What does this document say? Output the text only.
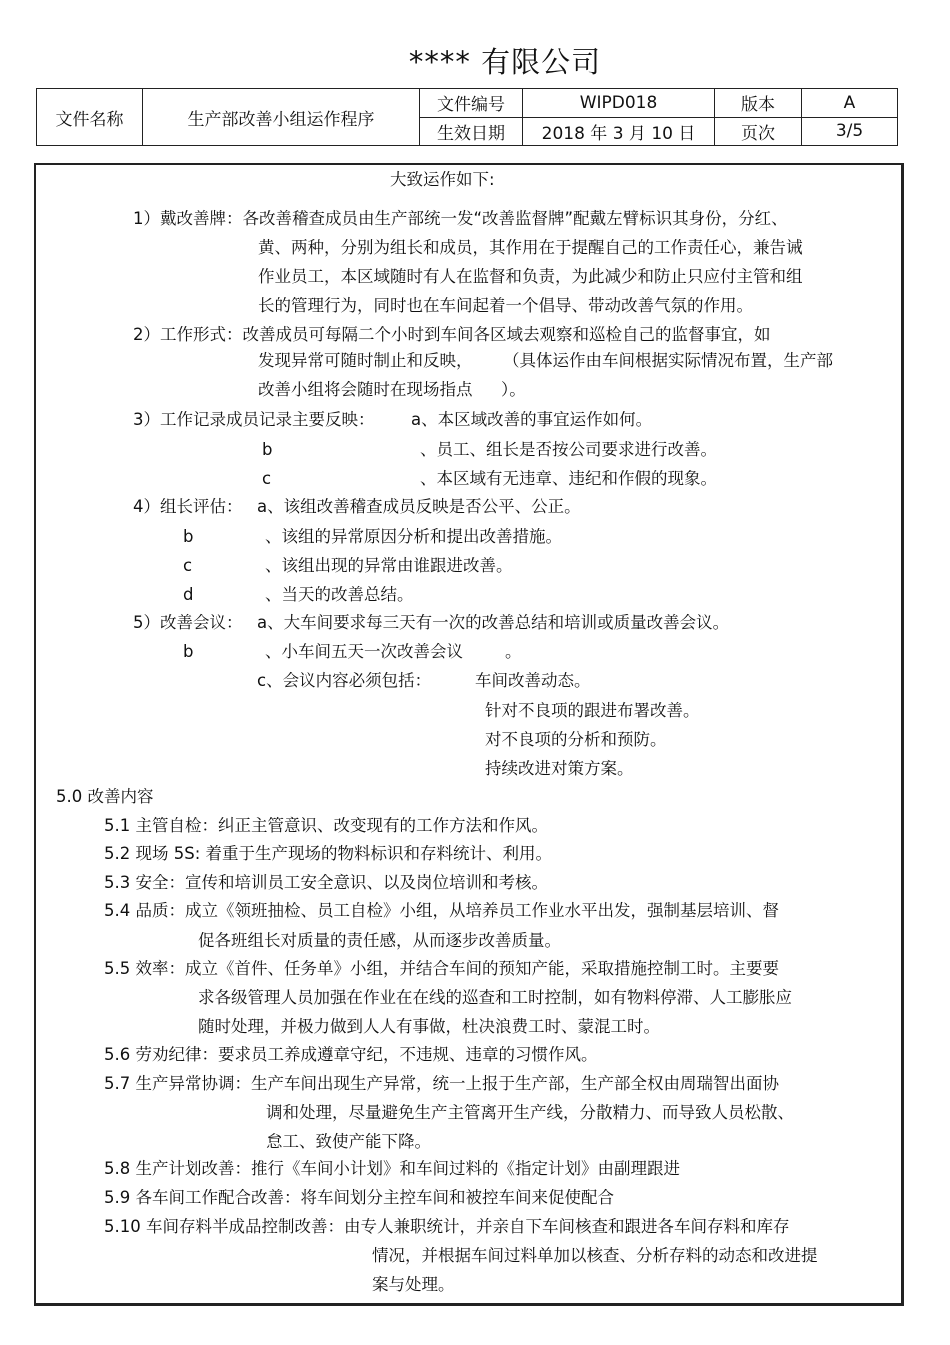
**** 有限公司
文件名称	生产部改善小组运作程序	文件编号	WIPD018	版本	A
		生效日期	2018 年 3 月 10 日	页次	3/5
大致运作如下:
1）戴改善牌：各改善稽查成员由生产部统一发“改善监督牌”配戴左臂标识其身份，分红、
黄、两种，分别为组长和成员，其作用在于提醒自己的工作责任心，兼告诫
作业员工，本区域随时有人在监督和负责，为此减少和防止只应付主管和组
长的管理行为，同时也在车间起着一个倡导、带动改善气氛的作用。
2）工作形式：改善成员可每隔二个小时到车间各区域去观察和巡检自己的监督事宜，如
发现异常可随时制止和反映， （具体运作由车间根据实际情况布置，生产部
改善小组将会随时在现场指点 ）。
3）工作记录成员记录主要反映： a、本区域改善的事宜运作如何。
b	、员工、组长是否按公司要求进行改善。
c	、本区域有无违章、违纪和作假的现象。
4）组长评估： a、该组改善稽查成员反映是否公平、公正。
b	、该组的异常原因分析和提出改善措施。
c	、该组出现的异常由谁跟进改善。
d	、当天的改善总结。
5）改善会议： a、大车间要求每三天有一次的改善总结和培训或质量改善会议。
b	、小车间五天一次改善会议	。
c、会议内容必须包括：	车间改善动态。
针对不良项的跟进布署改善。
对不良项的分析和预防。
持续改进对策方案。
5.0 改善内容
5.1 主管自检：纠正主管意识、改变现有的工作方法和作风。
5.2 现场 5S: 着重于生产现场的物料标识和存料统计、利用。
5.3 安全：宣传和培训员工安全意识、以及岗位培训和考核。
5.4 品质：成立《领班抽检、员工自检》小组，从培养员工作业水平出发，强制基层培训、督
促各班组长对质量的责任感，从而逐步改善质量。
5.5 效率：成立《首件、任务单》小组，并结合车间的预知产能，采取措施控制工时。主要要
求各级管理人员加强在作业在在线的巡查和工时控制，如有物料停滞、人工膨胀应
随时处理，并极力做到人人有事做，杜决浪费工时、蒙混工时。
5.6 劳劝纪律：要求员工养成遵章守纪，不违规、违章的习惯作风。
5.7 生产异常协调：生产车间出现生产异常，统一上报于生产部，生产部全权由周瑞智出面协
调和处理，尽量避免生产主管离开生产线，分散精力、而导致人员松散、
怠工、致使产能下降。
5.8 生产计划改善：推行《车间小计划》和车间过料的《指定计划》由副理跟进
5.9 各车间工作配合改善：将车间划分主控车间和被控车间来促使配合
5.10 车间存料半成品控制改善：由专人兼职统计，并亲自下车间核查和跟进各车间存料和库存
情况，并根据车间过料单加以核查、分析存料的动态和改进提
案与处理。
